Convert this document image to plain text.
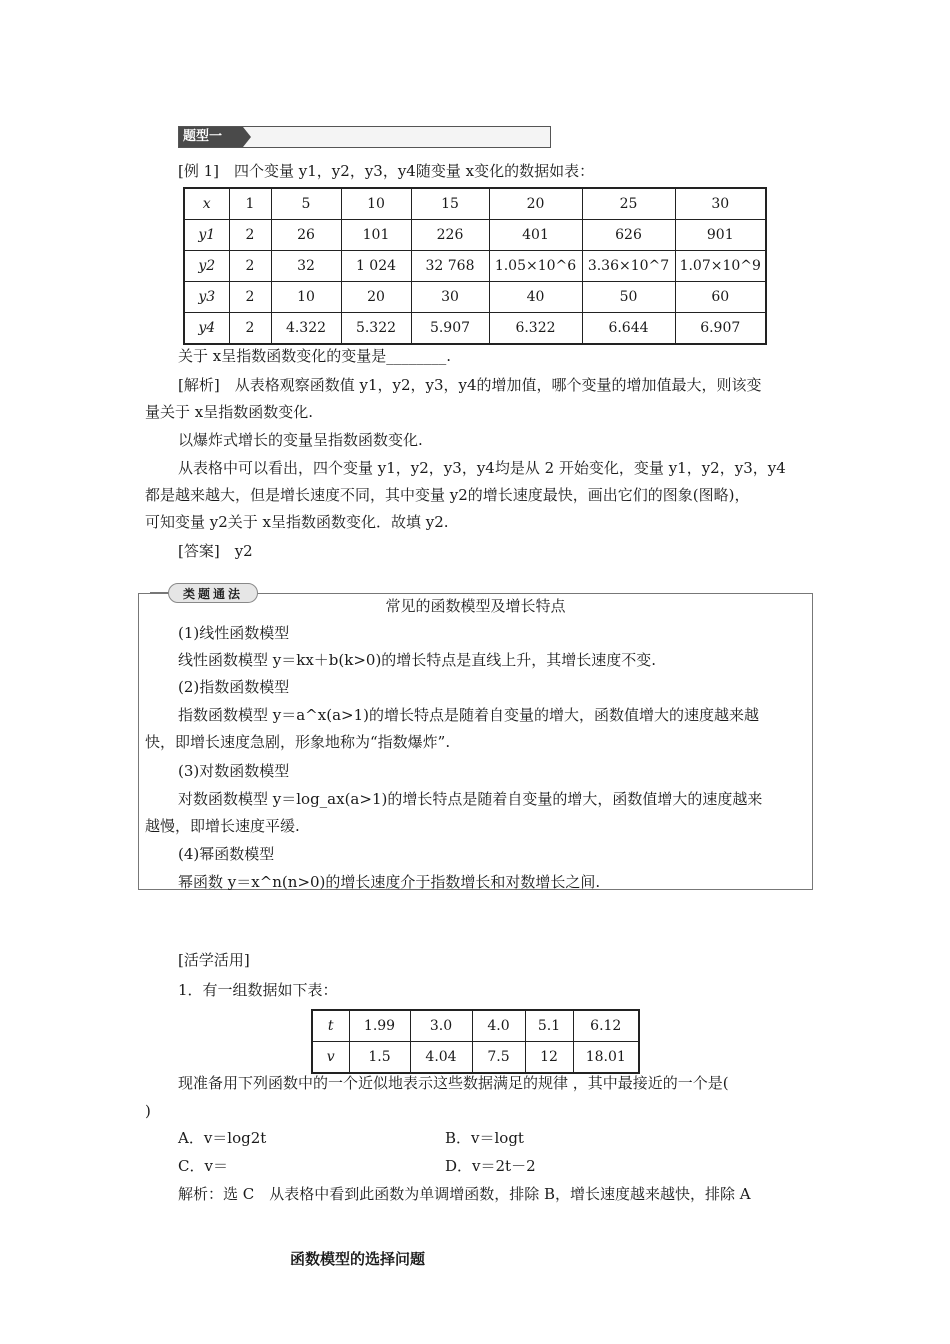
题型一
[例 1]　四个变量 y1，y2，y3，y4随变量 x变化的数据如表：
x	1	5	10	15	20	25	30
y1	2	26	101	226	401	626	901
y2	2	32	1 024	32 768	1.05×10^6	3.36×10^7	1.07×10^9
y3	2	10	20	30	40	50	60
y4	2	4.322	5.322	5.907	6.322	6.644	6.907
关于 x呈指数函数变化的变量是________.
[解析]　从表格观察函数值 y1，y2，y3，y4的增加值，哪个变量的增加值最大，则该变
量关于 x呈指数函数变化.
以爆炸式增长的变量呈指数函数变化.
从表格中可以看出，四个变量 y1，y2，y3，y4均是从 2 开始变化，变量 y1，y2，y3，y4
都是越来越大，但是增长速度不同，其中变量 y2的增长速度最快，画出它们的图象(图略)，
可知变量 y2关于 x呈指数函数变化．故填 y2.
[答案]　y2
类题通法
常见的函数模型及增长特点
(1)线性函数模型
线性函数模型 y＝kx＋b(k>0)的增长特点是直线上升，其增长速度不变.
(2)指数函数模型
指数函数模型 y＝a^x(a>1)的增长特点是随着自变量的增大，函数值增大的速度越来越
快，即增长速度急剧，形象地称为“指数爆炸”.
(3)对数函数模型
对数函数模型 y＝log_ax(a>1)的增长特点是随着自变量的增大，函数值增大的速度越来
越慢，即增长速度平缓.
(4)幂函数模型
幂函数 y＝x^n(n>0)的增长速度介于指数增长和对数增长之间.
[活学活用]
1．有一组数据如下表：
t	1.99	3.0	4.0	5.1	6.12
v	1.5	4.04	7.5	12	18.01
现准备用下列函数中的一个近似地表示这些数据满足的规律 ，其中最接近的一个是(
)
A．v＝log2t	B．v＝logt
C．v＝	D．v＝2t－2
解析：选 C　从表格中看到此函数为单调增函数，排除 B，增长速度越来越快，排除 A
函数模型的选择问题
